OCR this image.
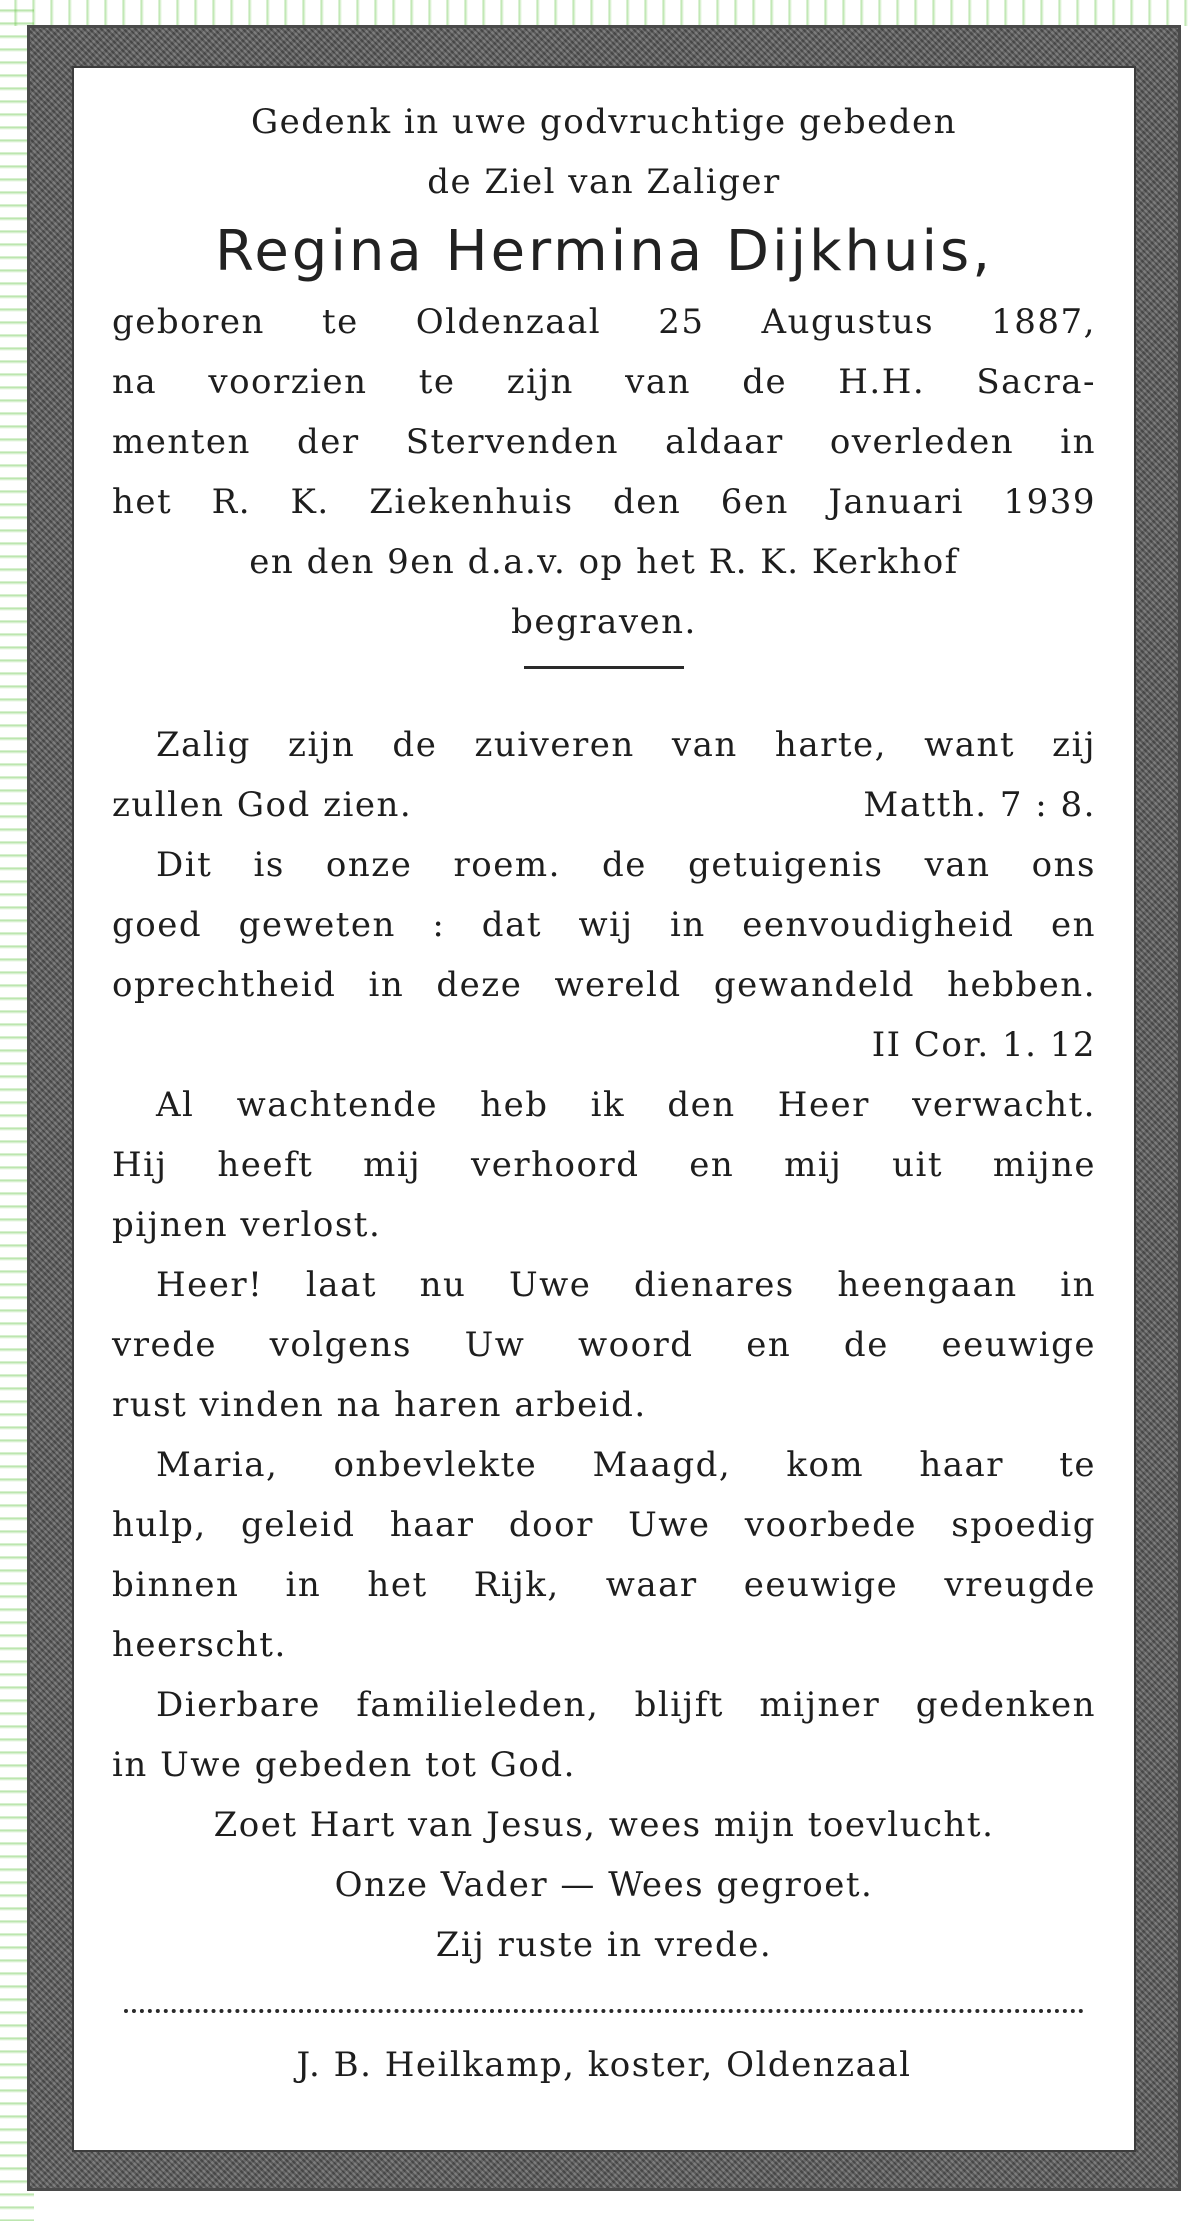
Gedenk in uwe godvruchtige gebeden
de Ziel van Zaliger
Regina Hermina Dijkhuis,
geboren te Oldenzaal 25 Augustus 1887,
na voorzien te zijn van de H.H. Sacra-
menten der Stervenden aldaar overleden in
het R. K. Ziekenhuis den 6en Januari 1939
en den 9en d.a.v. op het R. K. Kerkhof
begraven.
Zalig zijn de zuiveren van harte, want zij
zullen God zien.	Matth. 7 : 8.
Dit is onze roem. de getuigenis van ons
goed geweten : dat wij in eenvoudigheid en
oprechtheid in deze wereld gewandeld hebben.
II Cor. 1. 12
Al wachtende heb ik den Heer verwacht.
Hij heeft mij verhoord en mij uit mijne
pijnen verlost.
Heer! laat nu Uwe dienares heengaan in
vrede volgens Uw woord en de eeuwige
rust vinden na haren arbeid.
Maria, onbevlekte Maagd, kom haar te
hulp, geleid haar door Uwe voorbede spoedig
binnen in het Rijk, waar eeuwige vreugde
heerscht.
Dierbare familieleden, blijft mijner gedenken
in Uwe gebeden tot God.
Zoet Hart van Jesus, wees mijn toevlucht.
Onze Vader — Wees gegroet.
Zij ruste in vrede.
J. B. Heilkamp, koster, Oldenzaal
